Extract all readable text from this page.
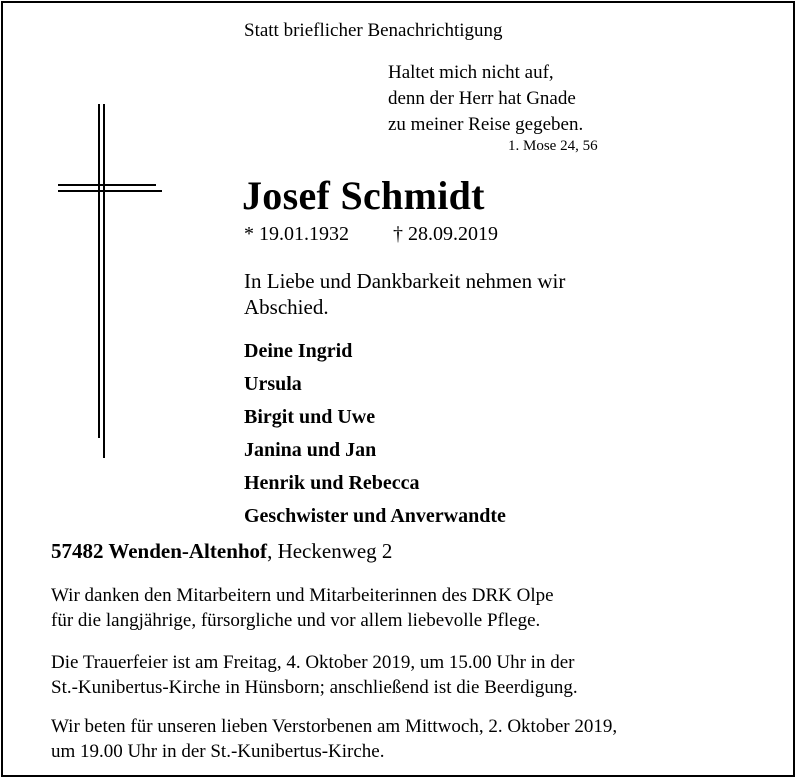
Statt brieflicher Benachrichtigung
Haltet mich nicht auf,
denn der Herr hat Gnade
zu meiner Reise gegeben.
1. Mose 24, 56
Josef Schmidt
* 19.01.1932 † 28.09.2019
In Liebe und Dankbarkeit nehmen wir
Abschied.
Deine Ingrid
Ursula
Birgit und Uwe
Janina und Jan
Henrik und Rebecca
Geschwister und Anverwandte
57482 Wenden-Altenhof, Heckenweg 2
Wir danken den Mitarbeitern und Mitarbeiterinnen des DRK Olpe
für die langjährige, fürsorgliche und vor allem liebevolle Pflege.
Die Trauerfeier ist am Freitag, 4. Oktober 2019, um 15.00 Uhr in der
St.-Kunibertus-Kirche in Hünsborn; anschließend ist die Beerdigung.
Wir beten für unseren lieben Verstorbenen am Mittwoch, 2. Oktober 2019,
um 19.00 Uhr in der St.-Kunibertus-Kirche.
